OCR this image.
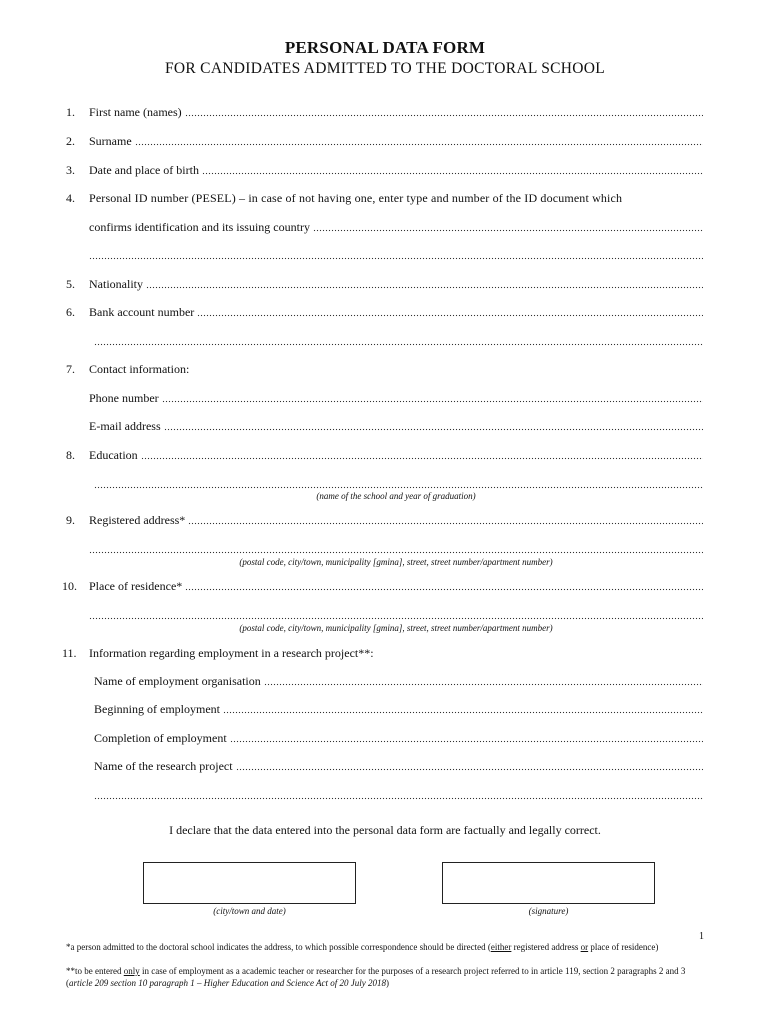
PERSONAL DATA FORM
FOR CANDIDATES ADMITTED TO THE DOCTORAL SCHOOL
1.	First name (names)
2.	Surname
3.	Date and place of birth
4.	Personal ID number (PESEL) – in case of not having one, enter type and number of the ID document which
confirms identification and its issuing country
5.	Nationality
6.	Bank account number
7.	Contact information:
Phone number
E-mail address
8.	Education
(name of the school and year of graduation)
9.	Registered address*
(postal code, city/town, municipality [gmina], street, street number/apartment number)
10.	Place of residence*
(postal code, city/town, municipality [gmina], street, street number/apartment number)
11.	Information regarding employment in a research project**:
Name of employment organisation
Beginning of employment
Completion of employment
Name of the research project
I declare that the data entered into the personal data form are factually and legally correct.
(city/town and date)	(signature)
1
*a person admitted to the doctoral school indicates the address, to which possible correspondence should be directed (either registered address or place of residence)
**to be entered only in case of employment as a academic teacher or researcher for the purposes of a research project referred to in article 119, section 2 paragraphs 2 and 3 (article 209 section 10 paragraph 1 – Higher Education and Science Act of 20 July 2018)
